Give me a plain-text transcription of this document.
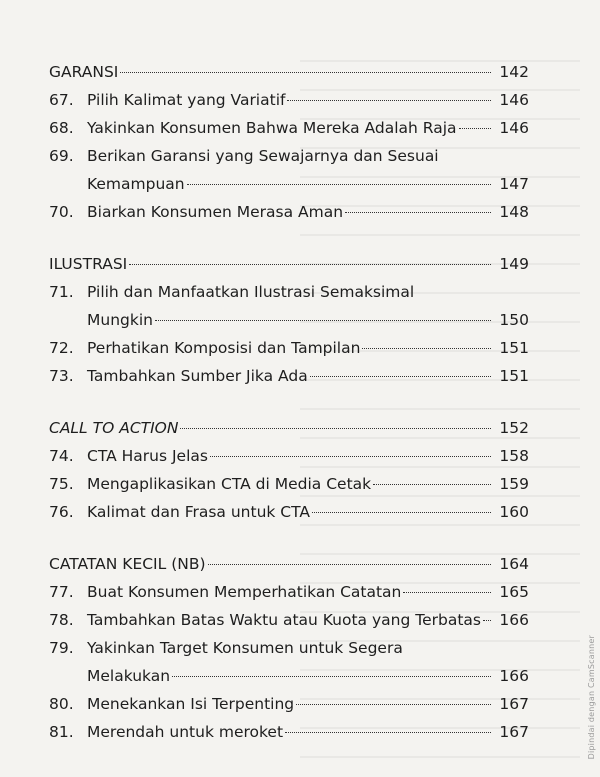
GARANSI	142
67. Pilih Kalimat yang Variatif	146
68. Yakinkan Konsumen Bahwa Mereka Adalah Raja	146
69. Berikan Garansi yang Sewajarnya dan Sesuai
Kemampuan	147
70. Biarkan Konsumen Merasa Aman	148
ILUSTRASI	149
71. Pilih dan Manfaatkan Ilustrasi Semaksimal
Mungkin	150
72. Perhatikan Komposisi dan Tampilan	151
73. Tambahkan Sumber Jika Ada	151
CALL TO ACTION	152
74. CTA Harus Jelas	158
75. Mengaplikasikan CTA di Media Cetak	159
76. Kalimat dan Frasa untuk CTA	160
CATATAN KECIL (NB)	164
77. Buat Konsumen Memperhatikan Catatan	165
78. Tambahkan Batas Waktu atau Kuota yang Terbatas 166
79. Yakinkan Target Konsumen untuk Segera
Melakukan	166
80. Menekankan Isi Terpenting	167
81. Merendah untuk meroket	167	Dipindai dengan CamScanner
